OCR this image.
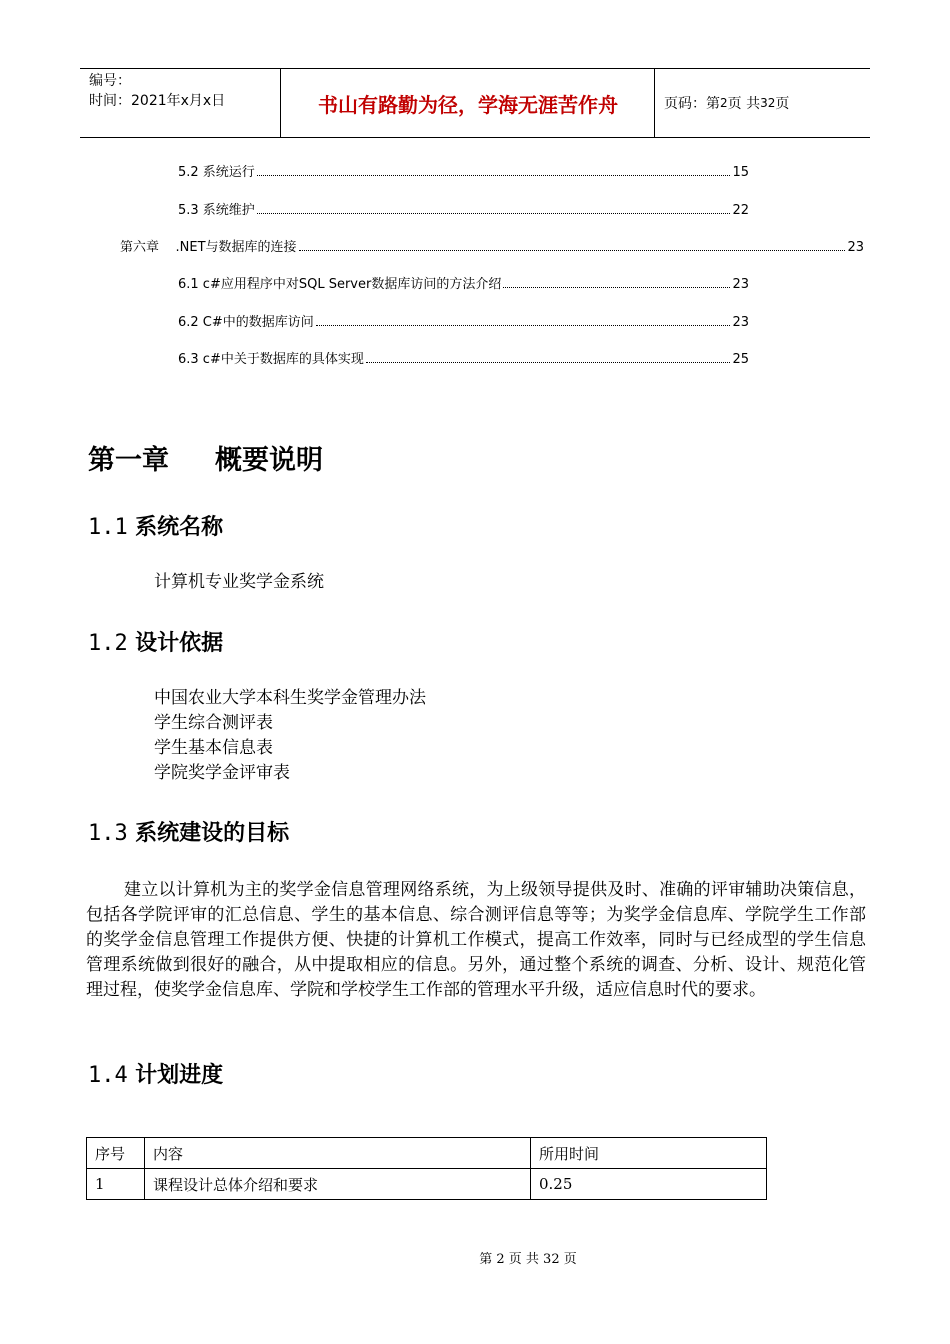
编号：
时间：2021年x月x日	书山有路勤为径，学海无涯苦作舟	页码：第 2 页 共 32 页
5.2 系统运行	15
5.3 系统维护	22
第六章    .NET与数据库的连接	23
6.1 c#应用程序中对SQL Server数据库访问的方法介绍	23
6.2 C#中的数据库访问	23
6.3 c#中关于数据库的具体实现	25
第一章 概要说明
1.1 系统名称
计算机专业奖学金系统
1.2 设计依据
中国农业大学本科生奖学金管理办法
学生综合测评表
学生基本信息表
学院奖学金评审表
1.3 系统建设的目标
建立以计算机为主的奖学金信息管理网络系统，为上级领导提供及时、准确的评审辅助决策信息，包括各学院评审的汇总信息、学生的基本信息、综合测评信息等等；为奖学金信息库、学院学生工作部的奖学金信息管理工作提供方便、快捷的计算机工作模式，提高工作效率，同时与已经成型的学生信息管理系统做到很好的融合，从中提取相应的信息。另外，通过整个系统的调查、分析、设计、规范化管理过程，使奖学金信息库、学院和学校学生工作部的管理水平升级，适应信息时代的要求。
1.4 计划进度
序号	内容	所用时间
1	课程设计总体介绍和要求	0.25
第 2 页 共 32 页
